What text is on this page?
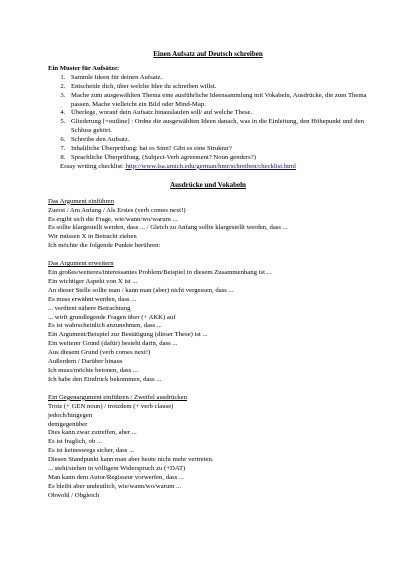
Einen Aufsatz auf Deutsch schreiben
Ein Muster für Aufsätze:
1. Sammle Ideen für deinen Aufsatz.
2. Entscheide dich, über welche Idee du schreiben willst.
3. Mache zum ausgewählten Thema eine ausführliche Ideensammlung mit Vokabeln, Ausdrücke, die zum Thema passen. Mache vielleicht ein Bild oder Mind-Map.
4. Überlege, worauf dein Aufsatz hinauslaufen soll/ auf welche These.
5. Gliederung [=outline] : Ordne die ausgewählten Ideen danach, was in die Einleitung, den Höhepunkt und den Schluss gehört.
6. Schreibe den Aufsatz.
7. Inhaltliche Überprüfung: hat es Sinn? Gibt es eine Struktur?
8. Sprachliche Überprüfung. (Subject-Verb agreement? Noun genders?)
Essay writing checklist: http://www.lsa.umich.edu/german/hmr/schreiben/checklist.html
Ausdrücke und Vokabeln
Das Argument einführen
Zuerst / Am Anfang / Als Erstes (verb comes next!)
Es ergibt sich die Frage, wie/wann/wo/warum ...
Es sollte klargestellt werden, dass ... / Gleich zu Anfang sollte klargestellt werden, dass ...
Wir müssen X in Betracht ziehen
Ich möchte die folgende Punkte berühren:
Das Argument erweitern
Ein großes/weiteres/interessantes Problem/Beispiel in diesem Zusammenhang ist ...
Ein wichtiger Aspekt von X ist ...
An dieser Stelle sollte man / kann man (aber) nicht vergessen, dass ...
Es muss erwähnt werden, dass ...
... verdient nähere Betrachtung
... wirft grundlegende Fragen über (+ AKK) auf
Es ist wahrscheinlich anzunehmen, dass ...
Ein Argument/Beispiel zur Bestätigung (dieser These) ist ...
Ein weiterer Grund (dafür) besteht darin, dass ...
Aus diesem Grund (verb comes next!)
Außerdem / Darüber hinaus
Ich muss/möchte betonen, dass ...
Ich habe den Eindruck bekommen, dass ...
Ein Gegenargument einführen / Zweifel ausdrücken
Trotz (+ GEN noun) / trotzdem (+ verb clause)
jedoch/hingegen
demgegenüber
Dies kann zwar zutreffen, aber ...
Es ist fraglich, ob ...
Es ist keineswegs sicher, dass ...
Diesen Standpunkt kann man aber heute nicht mehr vertreten.
... steht/stehen in völligem Widerspruch zu (+DAT)
Man kann dem Autor/Regisseur vorwerfen, dass ...
Es bleibt aber undeutlich, wie/wann/wo/warum ...
Obwohl / Obgleich
